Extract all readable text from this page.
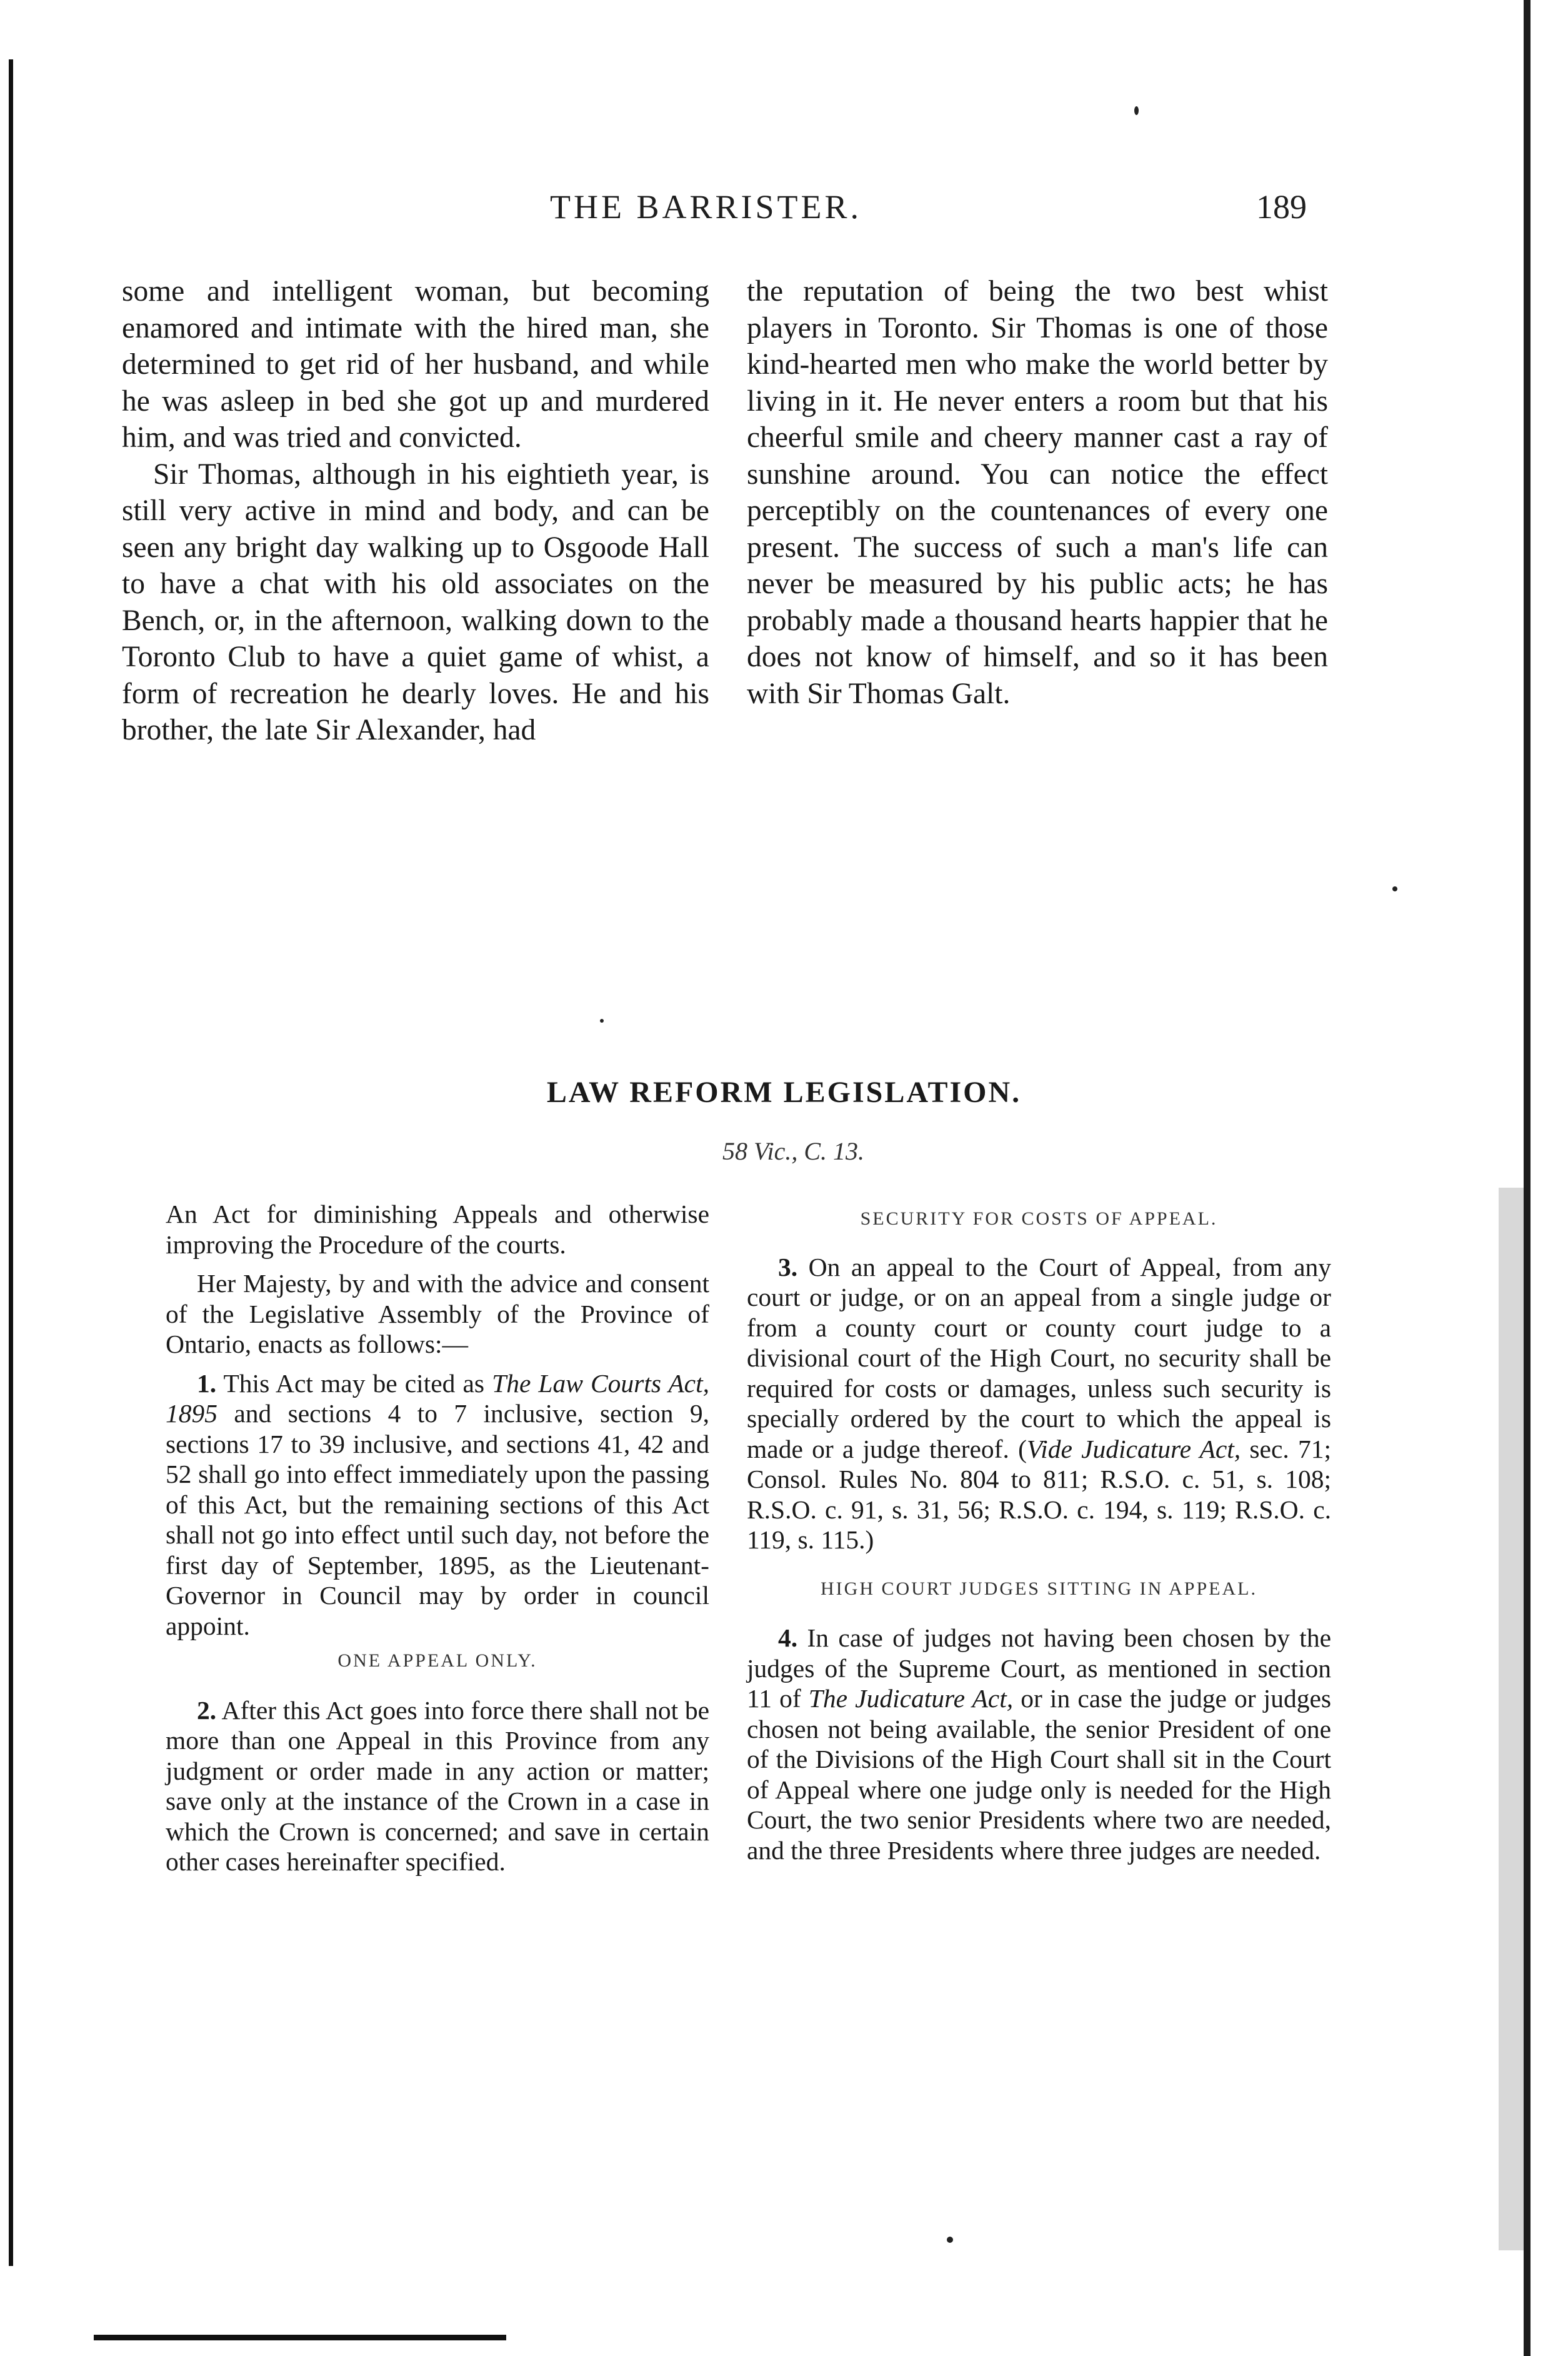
THE BARRISTER.	189

some and intelligent woman, but becoming enamored and intimate with the hired man, she determined to get rid of her husband, and while he was asleep in bed she got up and murdered him, and was tried and convicted.

Sir Thomas, although in his eightieth year, is still very active in mind and body, and can be seen any bright day walking up to Osgoode Hall to have a chat with his old associates on the Bench, or, in the afternoon, walking down to the Toronto Club to have a quiet game of whist, a form of recreation he dearly loves. He and his brother, the late Sir Alexander, had

the reputation of being the two best whist players in Toronto. Sir Thomas is one of those kind-hearted men who make the world better by living in it. He never enters a room but that his cheerful smile and cheery manner cast a ray of sunshine around. You can notice the effect perceptibly on the countenances of every one present. The success of such a man's life can never be measured by his public acts; he has probably made a thousand hearts happier that he does not know of himself, and so it has been with Sir Thomas Galt.

LAW REFORM LEGISLATION.
58 Vic., C. 13.

An Act for diminishing Appeals and otherwise improving the Procedure of the courts.

Her Majesty, by and with the advice and consent of the Legislative Assembly of the Province of Ontario, enacts as follows:—

1. This Act may be cited as The Law Courts Act, 1895 and sections 4 to 7 inclusive, section 9, sections 17 to 39 inclusive, and sections 41, 42 and 52 shall go into effect immediately upon the passing of this Act, but the remaining sections of this Act shall not go into effect until such day, not before the first day of September, 1895, as the Lieutenant-Governor in Council may by order in council appoint.

ONE APPEAL ONLY.

2. After this Act goes into force there shall not be more than one Appeal in this Province from any judgment or order made in any action or matter; save only at the instance of the Crown in a case in which the Crown is concerned; and save in certain other cases hereinafter specified.

SECURITY FOR COSTS OF APPEAL.

3. On an appeal to the Court of Appeal, from any court or judge, or on an appeal from a single judge or from a county court or county court judge to a divisional court of the High Court, no security shall be required for costs or damages, unless such security is specially ordered by the court to which the appeal is made or a judge thereof. (Vide Judicature Act, sec. 71; Consol. Rules No. 804 to 811; R.S.O. c. 51, s. 108; R.S.O. c. 91, s. 31, 56; R.S.O. c. 194, s. 119; R.S.O. c. 119, s. 115.)

HIGH COURT JUDGES SITTING IN APPEAL.

4. In case of judges not having been chosen by the judges of the Supreme Court, as mentioned in section 11 of The Judicature Act, or in case the judge or judges chosen not being available, the senior President of one of the Divisions of the High Court shall sit in the Court of Appeal where one judge only is needed for the High Court, the two senior Presidents where two are needed, and the three Presidents where three judges are needed.
